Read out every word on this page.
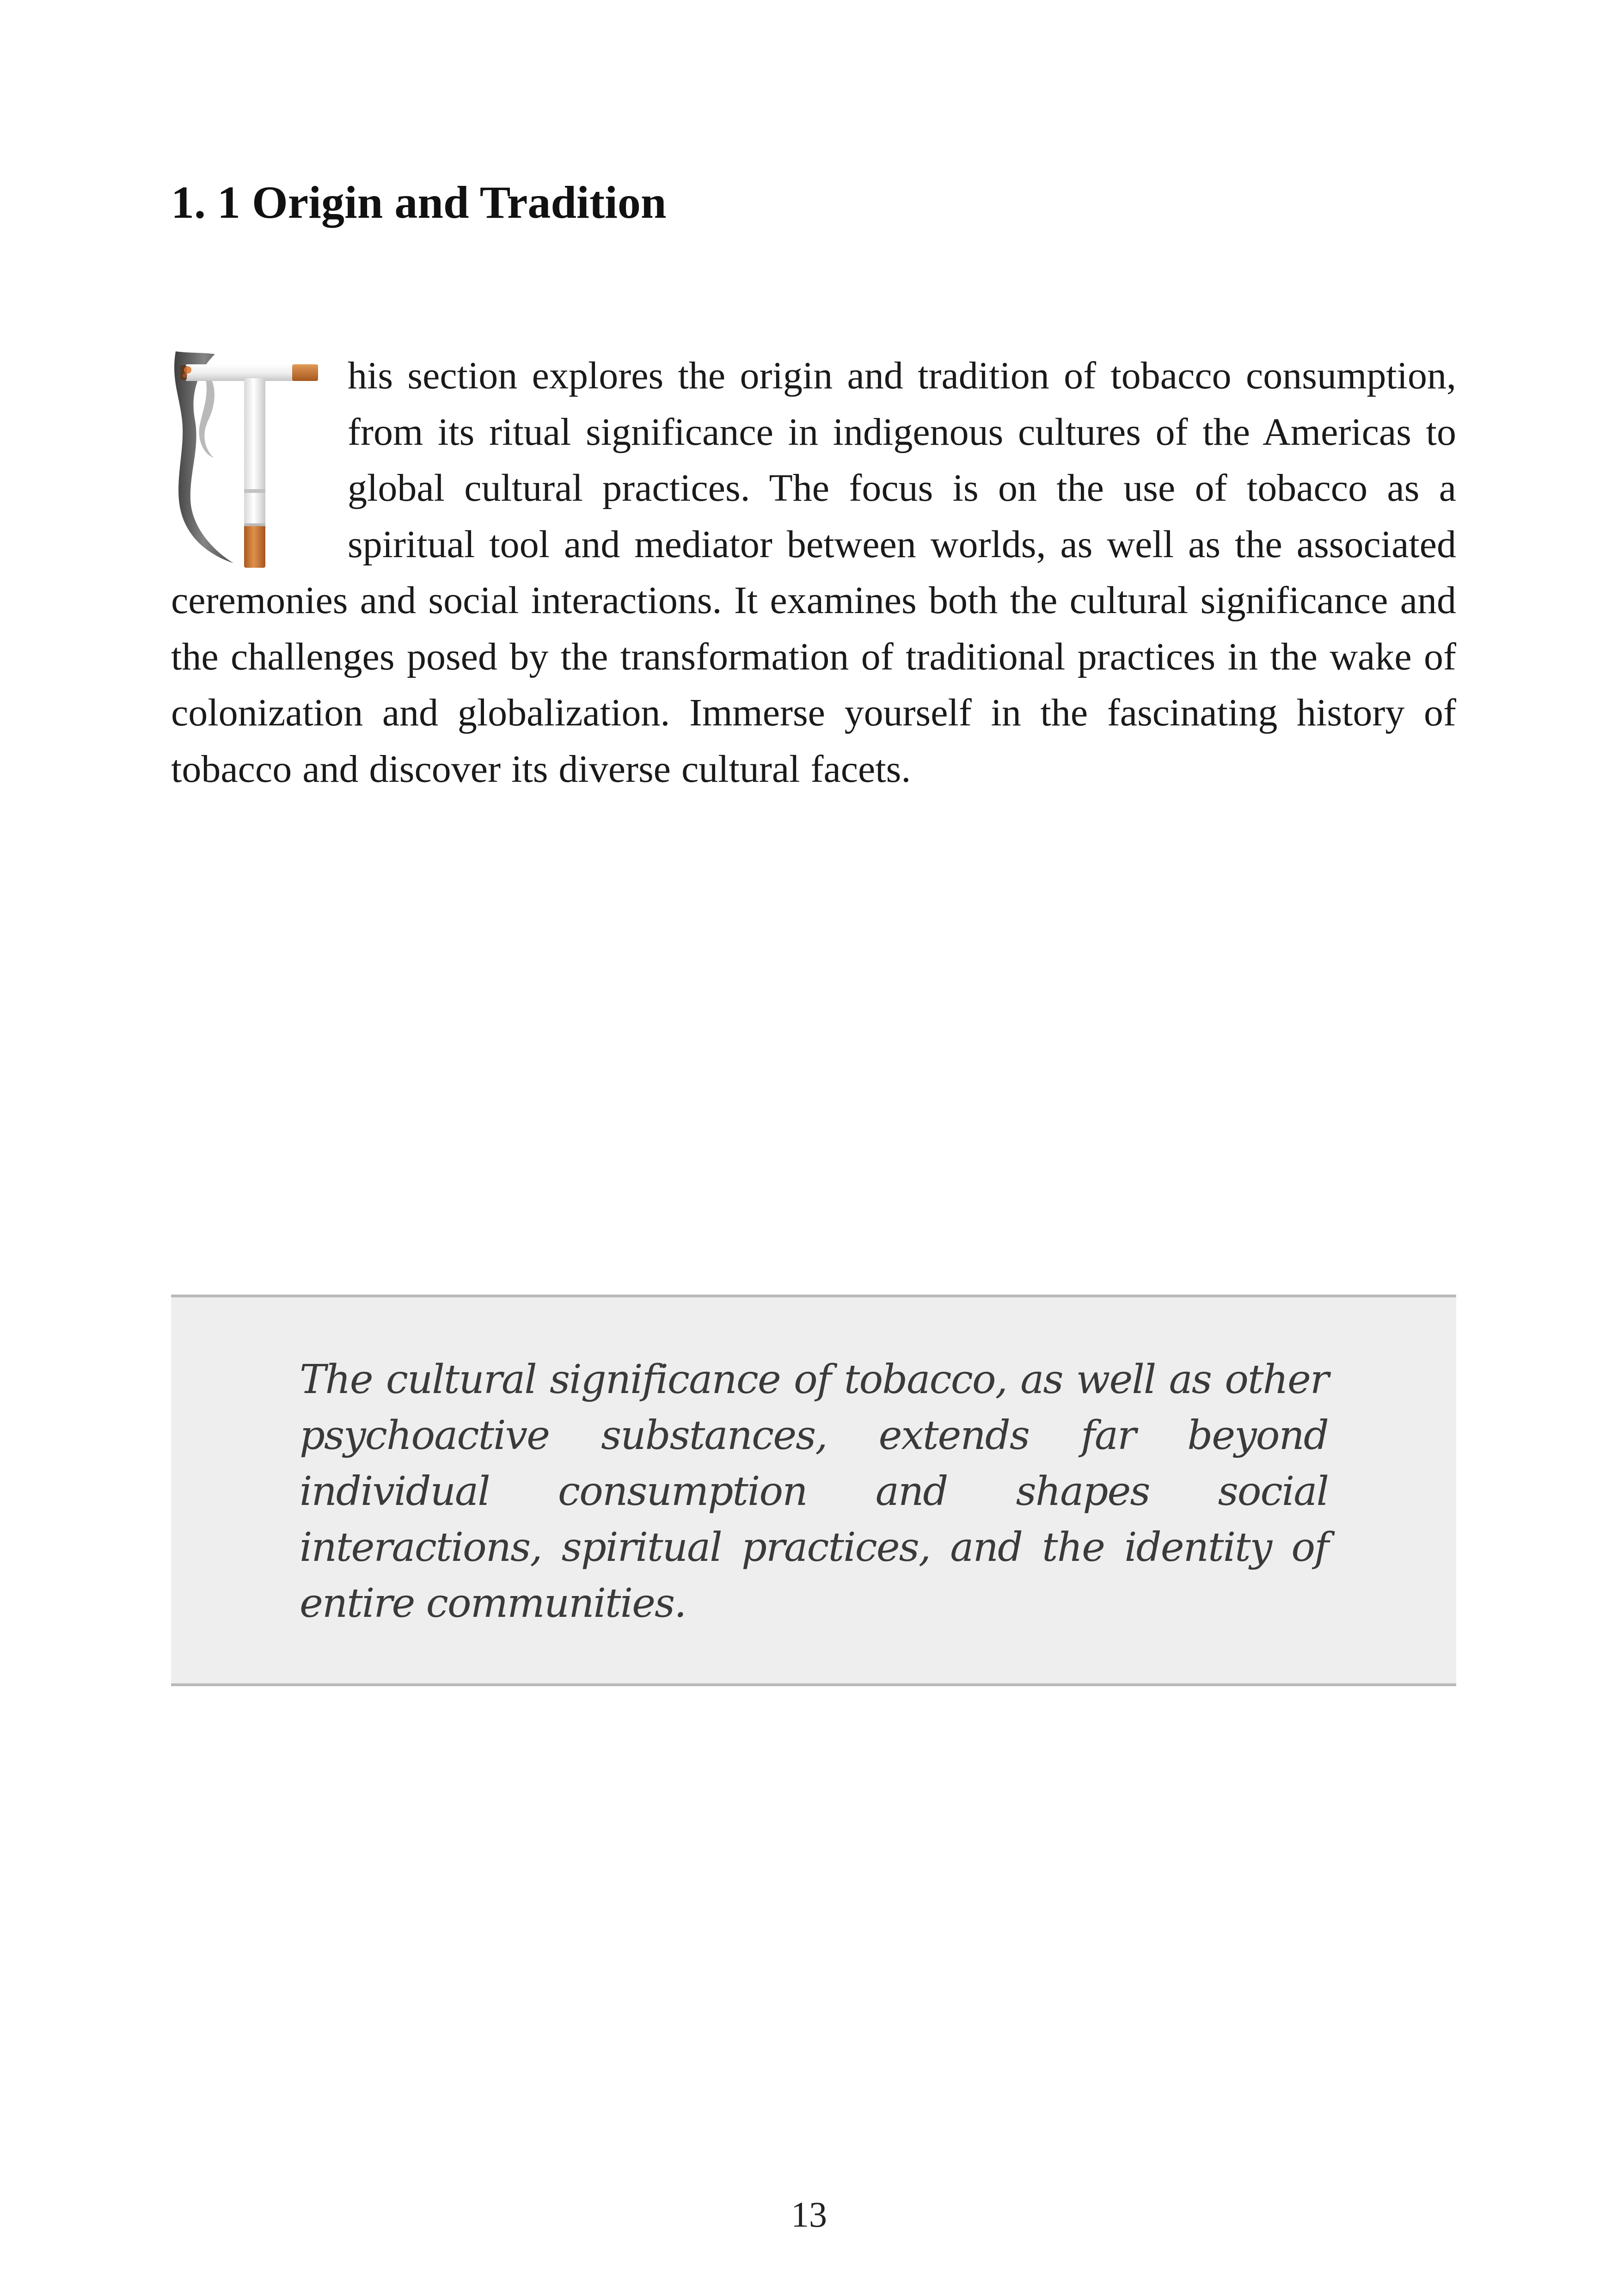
1. 1 Origin and Tradition

his section explores the origin and tradition of tobacco consumption, from its ritual significance in indigenous cultures of the Americas to global cultural practices. The focus is on the use of tobacco as a spiritual tool and mediator between worlds, as well as the associated ceremonies and social interactions. It examines both the cultural significance and the challenges posed by the transformation of traditional practices in the wake of colonization and globalization. Immerse yourself in the fascinating history of tobacco and discover its diverse cultural facets.

The cultural significance of tobacco, as well as other psychoactive substances, extends far beyond individual consumption and shapes social interactions, spiritual practices, and the identity of entire communities.

13
